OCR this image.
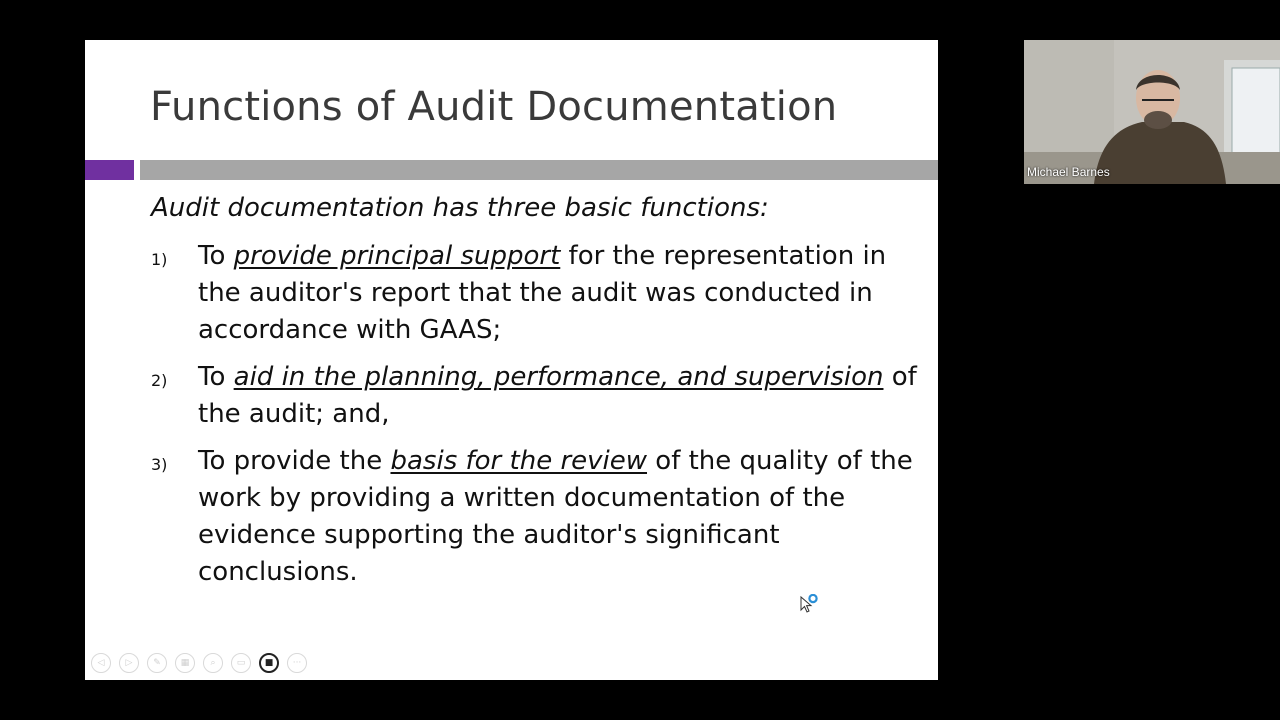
Functions of Audit Documentation
Audit documentation has three basic functions:
1)	To provide principal support for the representation in the auditor's report that the audit was conducted in accordance with GAAS;
2)	To aid in the planning, performance, and supervision of the audit; and,
3)	To provide the basis for the review of the quality of the work by providing a written documentation of the evidence supporting the auditor's significant conclusions.
◁	▷	✎	▦	⌕	▭	■	···
Michael Barnes
